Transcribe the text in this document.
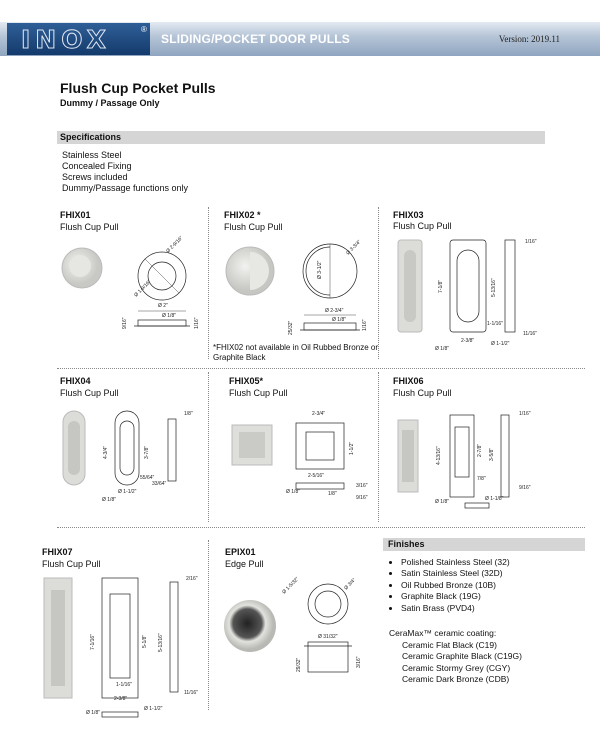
INOX	®
SLIDING/POCKET DOOR PULLS	Version: 2019.11
Flush Cup Pocket Pulls
Dummy / Passage Only
Specifications
Stainless Steel
Concealed Fixing
Screws included
Dummy/Passage functions only
FHIX01
Flush Cup Pull
Ø 2-9/16"
Ø 1-9/16"
Ø 2"
Ø 1/8"
9/16"	1/16"
FHIX02 *
Flush Cup Pull
Ø 3-1/2"
Ø 3-3/4"
Ø 2-3/4"
Ø 1/8"
25/32"	1/16"
*FHIX02 not available in Oil Rubbed Bronze or Graphite Black
FHIX03
Flush Cup Pull
7-1/8"	5-13/16"
1/16"
2-3/8"
1-1/16"
11/16"
Ø 1/8"
Ø 1-1/2"
FHIX04
Flush Cup Pull
4-3/4"	3-7/8"
1/8"
55/64"
Ø 1-1/2"
Ø 1/8"
33/64"
FHIX05*
Flush Cup Pull
2-3/4"
1-1/2"
2-5/16"
1/8"
Ø 1/8"
3/16"
9/16"
FHIX06
Flush Cup Pull
4-13/16"	2-7/8" 3-5/8"
1/16"
7/8"
9/16"
Ø 1/8"	Ø 1-1/8"
FHIX07
Flush Cup Pull
7-1/16"	5-1/8" 5-13/16"
2/16"
1-1/16"
2-3/8"
11/16"
Ø 1/8"
Ø 1-1/2"
EPIX01
Edge Pull
Ø 1-5/32"	Ø 3/4"
Ø 31/32"
29/32"	3/16"
Finishes
• Polished Stainless Steel (32)
• Satin Stainless Steel (32D)
• Oil Rubbed Bronze (10B)
• Graphite Black (19G)
• Satin Brass (PVD4)
CeraMax™ ceramic coating:
Ceramic Flat Black (C19)
Ceramic Graphite Black (C19G)
Ceramic Stormy Grey (CGY)
Ceramic Dark Bronze (CDB)
